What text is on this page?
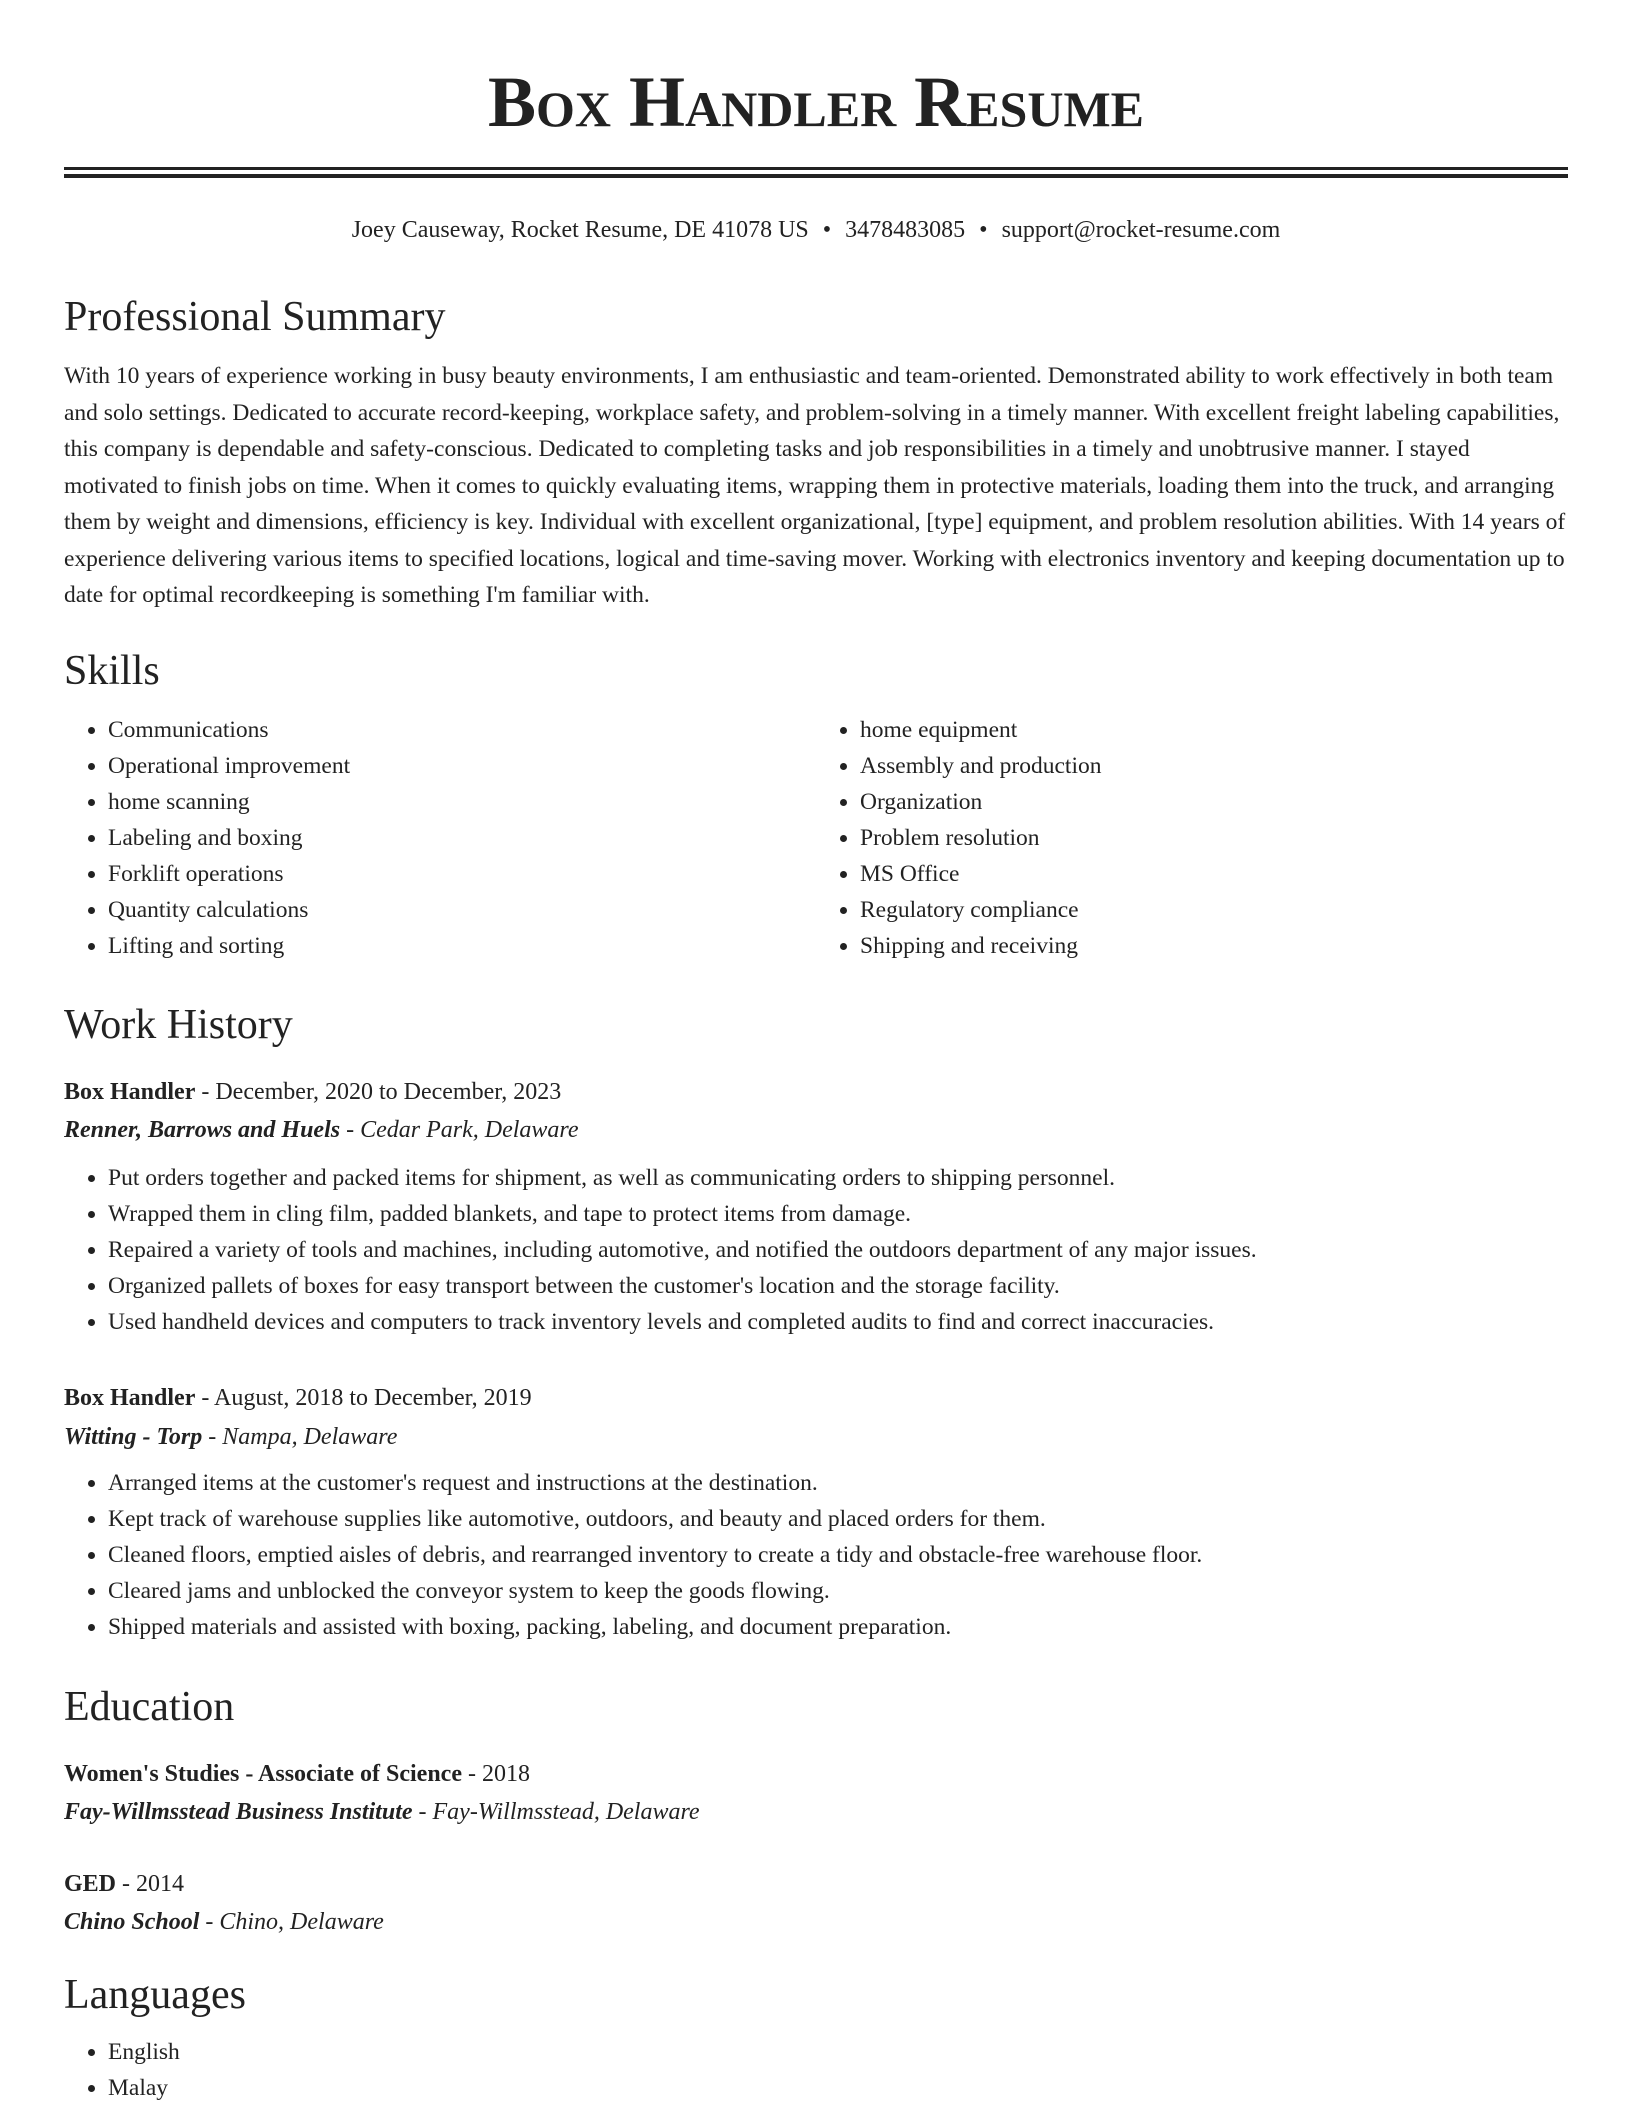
Box Handler Resume
Joey Causeway, Rocket Resume, DE 41078 US • 3478483085 • support@rocket-resume.com
Professional Summary

With 10 years of experience working in busy beauty environments, I am enthusiastic and team-oriented. Demonstrated ability to work effectively in both team and solo settings. Dedicated to accurate record-keeping, workplace safety, and problem-solving in a timely manner. With excellent freight labeling capabilities, this company is dependable and safety-conscious. Dedicated to completing tasks and job responsibilities in a timely and unobtrusive manner. I stayed motivated to finish jobs on time. When it comes to quickly evaluating items, wrapping them in protective materials, loading them into the truck, and arranging them by weight and dimensions, efficiency is key. Individual with excellent organizational, [type] equipment, and problem resolution abilities. With 14 years of experience delivering various items to specified locations, logical and time-saving mover. Working with electronics inventory and keeping documentation up to date for optimal recordkeeping is something I'm familiar with.

Skills
• Communications
• Operational improvement
• home scanning
• Labeling and boxing
• Forklift operations
• Quantity calculations
• Lifting and sorting
• home equipment
• Assembly and production
• Organization
• Problem resolution
• MS Office
• Regulatory compliance
• Shipping and receiving
Work History

Box Handler - December, 2020 to December, 2023

Renner, Barrows and Huels - Cedar Park, Delaware

• Put orders together and packed items for shipment, as well as communicating orders to shipping personnel.
• Wrapped them in cling film, padded blankets, and tape to protect items from damage.
• Repaired a variety of tools and machines, including automotive, and notified the outdoors department of any major issues.
• Organized pallets of boxes for easy transport between the customer's location and the storage facility.
• Used handheld devices and computers to track inventory levels and completed audits to find and correct inaccuracies.

Box Handler - August, 2018 to December, 2019

Witting - Torp - Nampa, Delaware

• Arranged items at the customer's request and instructions at the destination.
• Kept track of warehouse supplies like automotive, outdoors, and beauty and placed orders for them.
• Cleaned floors, emptied aisles of debris, and rearranged inventory to create a tidy and obstacle-free warehouse floor.
• Cleared jams and unblocked the conveyor system to keep the goods flowing.
• Shipped materials and assisted with boxing, packing, labeling, and document preparation.
Education

Women's Studies - Associate of Science - 2018

Fay-Willmsstead Business Institute - Fay-Willmsstead, Delaware

GED - 2014

Chino School - Chino, Delaware

Languages
• English
• Malay
